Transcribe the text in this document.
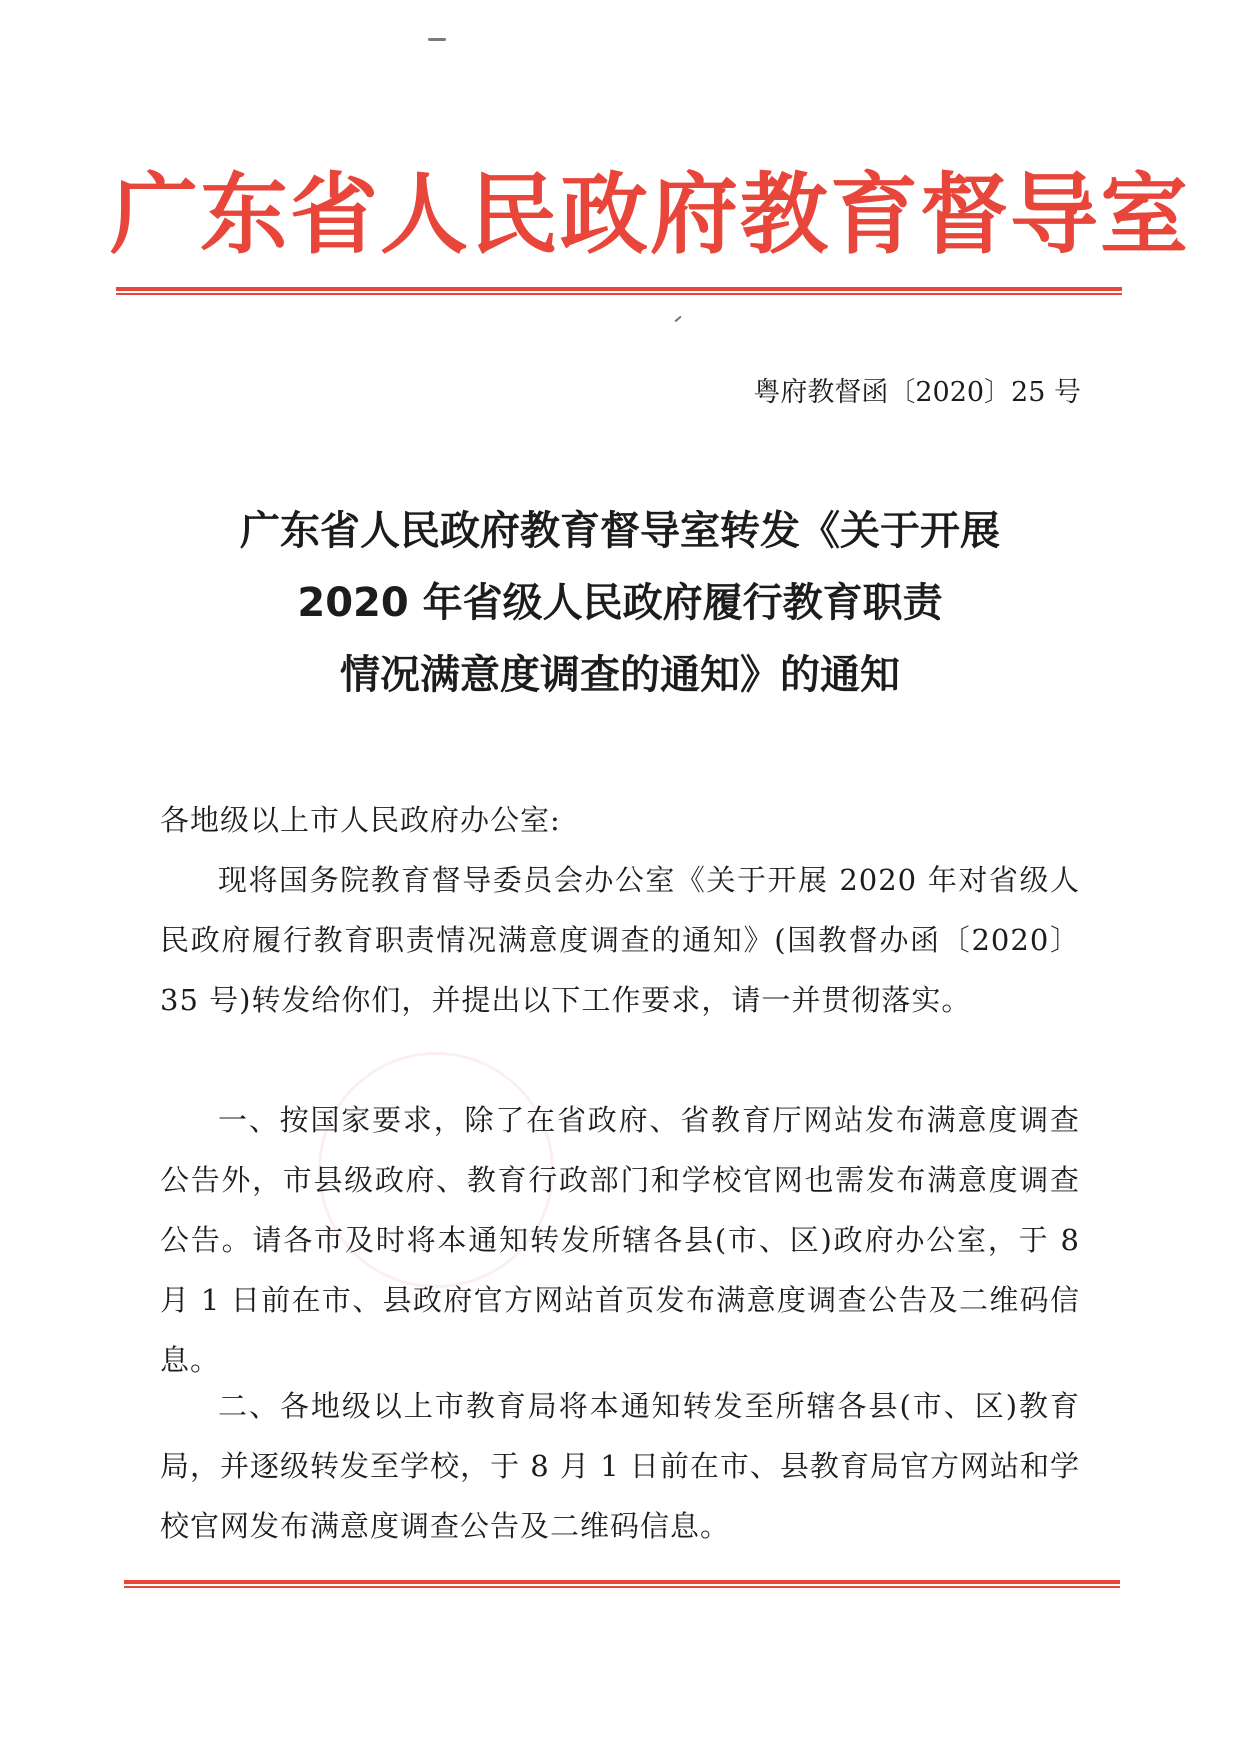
广东省人民政府教育督导室
粤府教督函〔2020〕25 号
广东省人民政府教育督导室转发《关于开展
2020 年省级人民政府履行教育职责
情况满意度调查的通知》的通知
各地级以上市人民政府办公室:
现将国务院教育督导委员会办公室《关于开展 2020 年对省级人民政府履行教育职责情况满意度调查的通知》(国教督办函〔2020〕35 号)转发给你们，并提出以下工作要求，请一并贯彻落实。
一、按国家要求，除了在省政府、省教育厅网站发布满意度调查公告外，市县级政府、教育行政部门和学校官网也需发布满意度调查公告。请各市及时将本通知转发所辖各县(市、区)政府办公室，于 8 月 1 日前在市、县政府官方网站首页发布满意度调查公告及二维码信息。
二、各地级以上市教育局将本通知转发至所辖各县(市、区)教育局，并逐级转发至学校，于 8 月 1 日前在市、县教育局官方网站和学校官网发布满意度调查公告及二维码信息。
